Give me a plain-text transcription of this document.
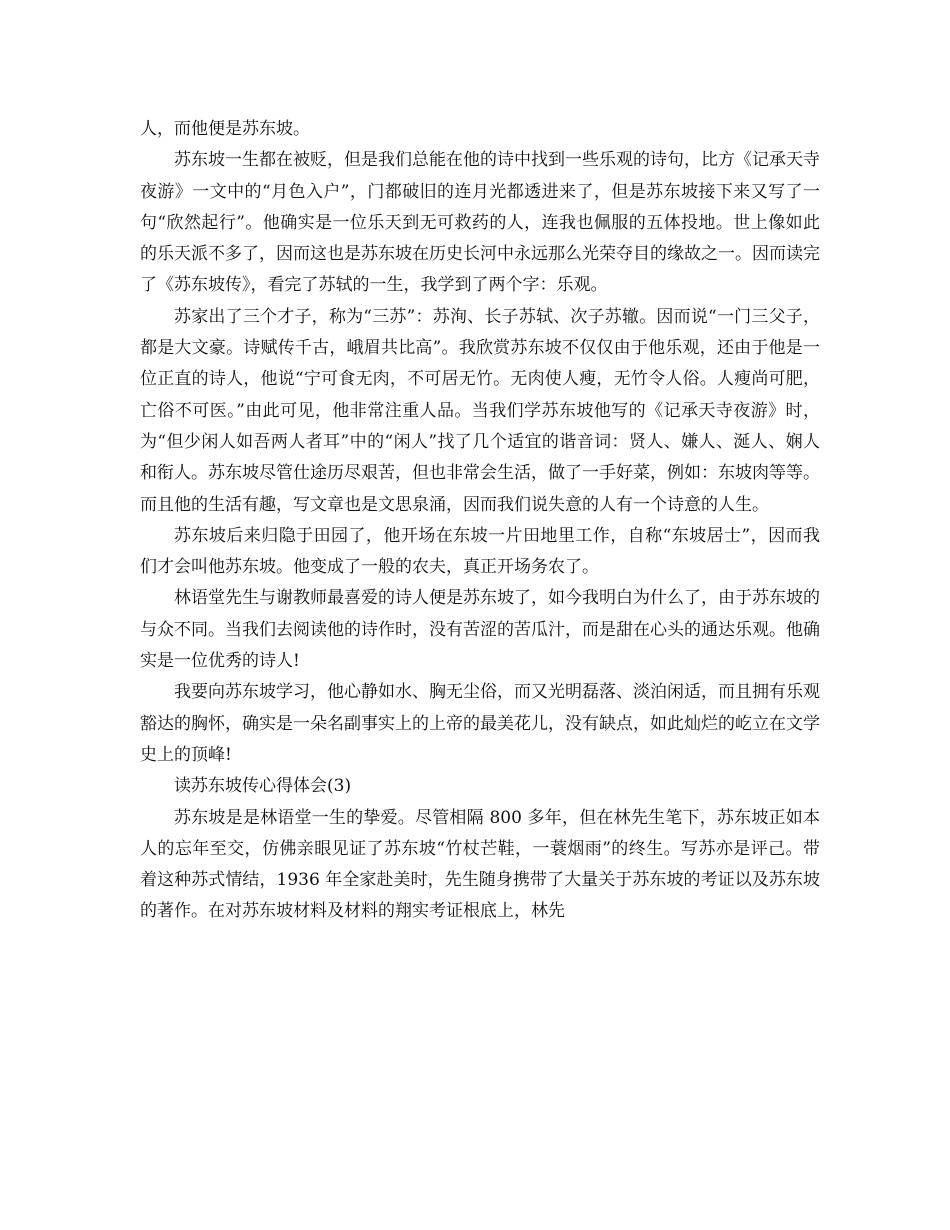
人，而他便是苏东坡。

苏东坡一生都在被贬，但是我们总能在他的诗中找到一些乐观的诗句，比方《记承天寺夜游》一文中的“月色入户”，门都破旧的连月光都透进来了，但是苏东坡接下来又写了一句“欣然起行”。他确实是一位乐天到无可救药的人，连我也佩服的五体投地。世上像如此的乐天派不多了，因而这也是苏东坡在历史长河中永远那么光荣夺目的缘故之一。因而读完了《苏东坡传》，看完了苏轼的一生，我学到了两个字：乐观。

苏家出了三个才子，称为“三苏”：苏洵、长子苏轼、次子苏辙。因而说“一门三父子，都是大文豪。诗赋传千古，峨眉共比高”。我欣赏苏东坡不仅仅由于他乐观，还由于他是一位正直的诗人，他说“宁可食无肉，不可居无竹。无肉使人瘦，无竹令人俗。人瘦尚可肥，亡俗不可医。”由此可见，他非常注重人品。当我们学苏东坡他写的《记承天寺夜游》时，为“但少闲人如吾两人者耳”中的“闲人”找了几个适宜的谐音词：贤人、嫌人、涎人、娴人和衔人。苏东坡尽管仕途历尽艰苦，但也非常会生活，做了一手好菜，例如：东坡肉等等。而且他的生活有趣，写文章也是文思泉涌，因而我们说失意的人有一个诗意的人生。

苏东坡后来归隐于田园了，他开场在东坡一片田地里工作，自称“东坡居士”，因而我们才会叫他苏东坡。他变成了一般的农夫，真正开场务农了。

林语堂先生与谢教师最喜爱的诗人便是苏东坡了，如今我明白为什么了，由于苏东坡的与众不同。当我们去阅读他的诗作时，没有苦涩的苦瓜汁，而是甜在心头的通达乐观。他确实是一位优秀的诗人!

我要向苏东坡学习，他心静如水、胸无尘俗，而又光明磊落、淡泊闲适，而且拥有乐观豁达的胸怀，确实是一朵名副事实上的上帝的最美花儿，没有缺点，如此灿烂的屹立在文学史上的顶峰!

读苏东坡传心得体会(3)

苏东坡是是林语堂一生的挚爱。尽管相隔 800 多年，但在林先生笔下，苏东坡正如本人的忘年至交，仿佛亲眼见证了苏东坡“竹杖芒鞋，一蓑烟雨”的终生。写苏亦是评己。带着这种苏式情结，1936 年全家赴美时，先生随身携带了大量关于苏东坡的考证以及苏东坡的著作。在对苏东坡材料及材料的翔实考证根底上，林先
